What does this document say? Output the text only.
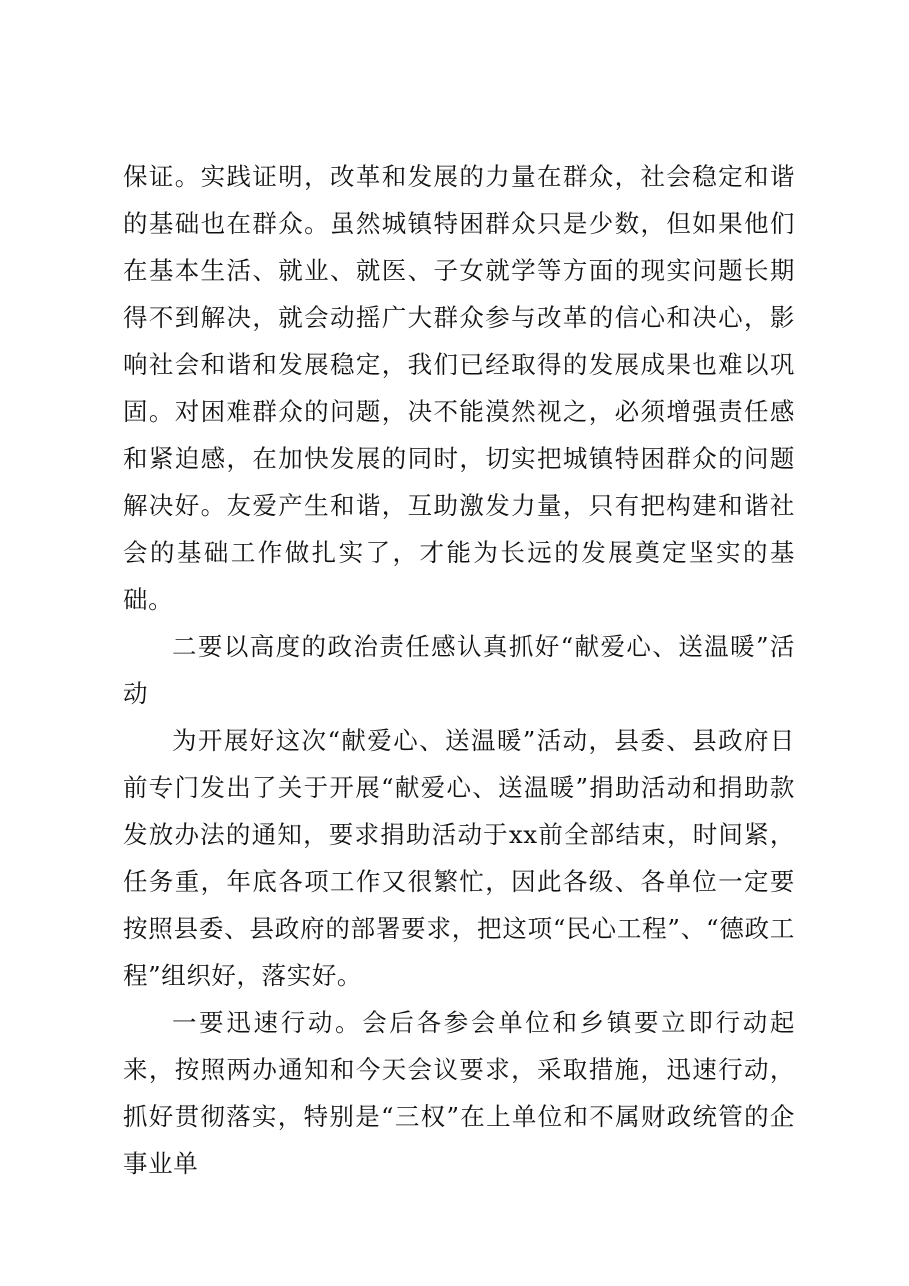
保证。实践证明，改革和发展的力量在群众，社会稳定和谐的基础也在群众。虽然城镇特困群众只是少数，但如果他们在基本生活、就业、就医、子女就学等方面的现实问题长期得不到解决，就会动摇广大群众参与改革的信心和决心，影响社会和谐和发展稳定，我们已经取得的发展成果也难以巩固。对困难群众的问题，决不能漠然视之，必须增强责任感和紧迫感，在加快发展的同时，切实把城镇特困群众的问题解决好。友爱产生和谐，互助激发力量，只有把构建和谐社会的基础工作做扎实了，才能为长远的发展奠定坚实的基础。

二要以高度的政治责任感认真抓好“献爱心、送温暖”活动

为开展好这次“献爱心、送温暖”活动，县委、县政府日前专门发出了关于开展“献爱心、送温暖”捐助活动和捐助款发放办法的通知，要求捐助活动于xx前全部结束，时间紧，任务重，年底各项工作又很繁忙，因此各级、各单位一定要按照县委、县政府的部署要求，把这项“民心工程”、“德政工程”组织好，落实好。

一要迅速行动。会后各参会单位和乡镇要立即行动起来，按照两办通知和今天会议要求，采取措施，迅速行动，抓好贯彻落实，特别是“三权”在上单位和不属财政统管的企事业单
